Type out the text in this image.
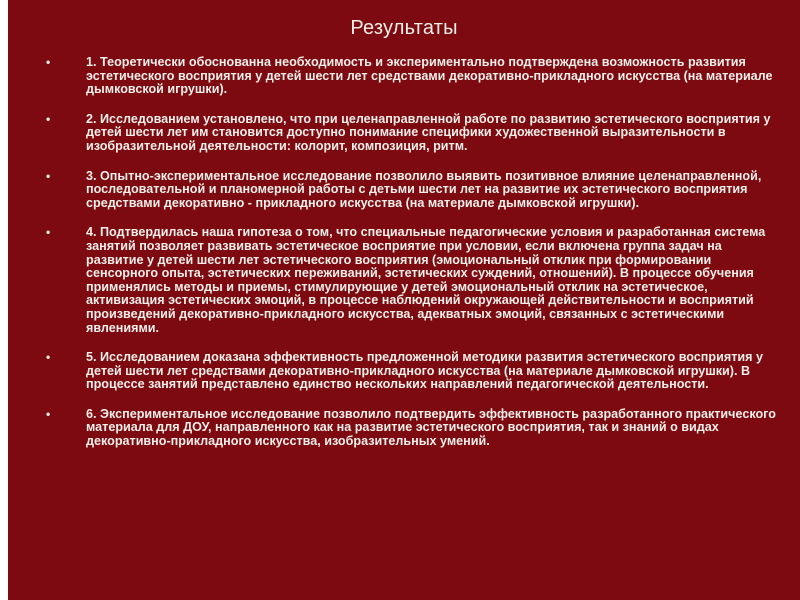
Результаты
•	1. Теоретически обоснованна необходимость и экспериментально подтверждена возможность развития эстетического восприятия у детей шести лет средствами декоративно-прикладного искусства (на материале дымковской игрушки).
•	2. Исследованием установлено, что при целенаправленной работе по развитию эстетического восприятия у детей шести лет им становится доступно понимание специфики художественной выразительности в изобразительной деятельности: колорит, композиция, ритм.
•	3. Опытно-экспериментальное исследование позволило выявить позитивное влияние целенаправленной, последовательной и планомерной работы с детьми шести лет на развитие их эстетического восприятия средствами декоративно - прикладного искусства (на материале дымковской игрушки).
•	4. Подтвердилась наша гипотеза о том, что специальные педагогические условия и разработанная система занятий позволяет развивать эстетическое восприятие при условии, если включена группа задач на развитие у детей шести лет эстетического восприятия (эмоциональный отклик при формировании сенсорного опыта, эстетических переживаний, эстетических суждений, отношений). В процессе обучения применялись методы и приемы, стимулирующие у детей эмоциональный отклик на эстетическое, активизация эстетических эмоций, в процессе наблюдений окружающей действительности и восприятий произведений декоративно-прикладного искусства, адекватных эмоций, связанных с эстетическими явлениями.
•	5. Исследованием доказана эффективность предложенной методики развития эстетического восприятия у детей шести лет средствами декоративно-прикладного искусства (на материале дымковской игрушки). В процессе занятий представлено единство нескольких направлений педагогической деятельности.
•	6. Экспериментальное исследование позволило подтвердить эффективность разработанного практического материала для ДОУ, направленного как на развитие эстетического восприятия, так и знаний о видах декоративно-прикладного искусства, изобразительных умений.
